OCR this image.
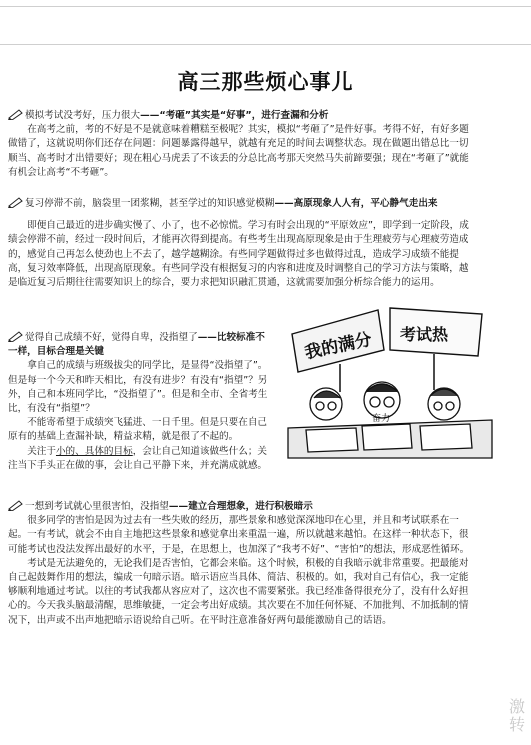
高三那些烦心事儿
模拟考试没考好，压力很大——“考砸”其实是“好事”，进行查漏和分析

在高考之前，考的不好是不是就意味着糟糕至极呢？其实，模拟“考砸了”是件好事。考得不好，有好多题做错了，这就说明你们还存在问题：问题暴露得越早，就越有充足的时间去调整状态。现在做题出错总比一切顺当、高考时才出错要好；现在粗心马虎丢了不该丢的分总比高考那天突然马失前蹄要强；现在“考砸了”就能有机会让高考“不考砸”。

复习停滞不前，脑袋里一团浆糊，甚至学过的知识感觉模糊——高原现象人人有，平心静气走出来

即便自己最近的进步确实慢了、小了，也不必惊慌。学习有时会出现的“平原效应”，即学到一定阶段，成绩会停滞不前，经过一段时间后，才能再次得到提高。有些考生出现高原现象是由于生理疲劳与心理疲劳造成的，感觉自己再怎么使劲也上不去了，越学越糊涂。有些同学题做得过多也做得过乱，造成学习成绩不能提高，复习效率降低，出现高原现象。有些同学没有根据复习的内容和进度及时调整自己的学习方法与策略，越是临近复习后期往往需要知识上的综合，要力求把知识融汇贯通，这就需要加强分析综合能力的运用。

觉得自己成绩不好，觉得自卑，没指望了——比较标准不一样，目标合理是关键

拿自己的成绩与班级拔尖的同学比，是显得“没指望了”。但是每一个今天和昨天相比，有没有进步？有没有“指望”？另外，自己和本班同学比，“没指望了”。但是和全市、全省考生比，有没有“指望”？

不能寄希望于成绩突飞猛进、一日千里。但是只要在自己原有的基础上查漏补缺，精益求精，就是很了不起的。

关注于小的、具体的目标，会让自己知道该做些什么；关注当下手头正在做的事，会让自己平静下来，并充满成就感。

我的满分 考试热
奋力
一想到考试就心里很害怕，没指望——建立合理想象，进行积极暗示

很多同学的害怕是因为过去有一些失败的经历，那些景象和感觉深深地印在心里，并且和考试联系在一起。一有考试，就会不由自主地把这些景象和感觉拿出来重温一遍，所以就越来越怕。在这样一种状态下，很可能考试也没法发挥出最好的水平，于是，在思想上，也加深了“我考不好”、“害怕”的想法，形成恶性循环。

考试是无法避免的，无论我们是否害怕，它都会来临。这个时候，积极的自我暗示就非常重要。把最能对自己起鼓舞作用的想法，编成一句暗示语。暗示语应当具体、简洁、积极的。如，我对自己有信心，我一定能够顺利地通过考试。以往的考试我都从容应对了，这次也不需要紧张。我已经准备得很充分了，没有什么好担心的。今天我头脑最清醒，思维敏捷，一定会考出好成绩。其次要在不加任何怀疑、不加批判、不加抵制的情况下，出声或不出声地把暗示语说给自己听。在平时注意准备好两句最能激励自己的话语。

激
转
